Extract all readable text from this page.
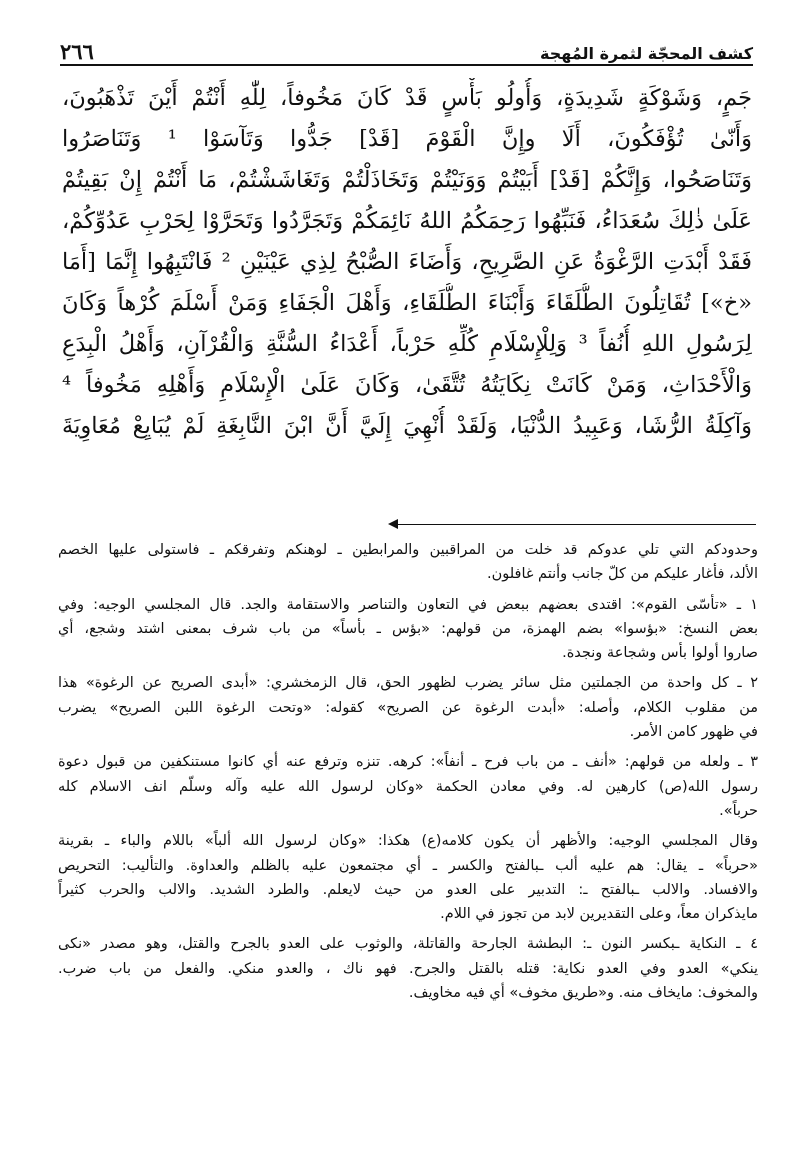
٢٦٦	كشف المحجّة لثمرة المُهجة
جَمٍ، وَشَوْكَةٍ شَدِيدَةٍ، وَأُولُو بَأْسٍ قَدْ كَانَ مَخُوفاً، لِلّٰهِ أَنْتُمْ أَيْنَ تَذْهَبُونَ،
وَأَنّىٰ تُؤْفَكُونَ، أَلَا وإِنَّ الْقَوْمَ [قَدْ] جَدُّوا وَتَآسَوْا ¹ وَتَنَاصَرُوا
وَتَنَاصَحُوا، وَإِنَّكُمْ [قَدْ] أَبَيْتُمْ وَوَنَيْتُمْ وَتَخَاذَلْتُمْ وَتَغَاشَشْتُمْ، مَا أَنْتُمْ إِنْ بَقِيتُمْ
عَلَىٰ ذٰلِكَ سُعَدَاءُ، فَنَبِّهُوا رَحِمَكُمُ اللهُ نَائِمَكُمْ وَتَجَرَّدُوا وَتَحَرَّوْا لِحَرْبِ عَدُوِّكُمْ،
فَقَدْ أَبْدَتِ الرَّغْوَةُ عَنِ الصَّرِيحِ، وَأَضَاءَ الصُّبْحُ لِذِي عَيْنَيْنِ ² فَانْتَبِهُوا إِنَّمَا [أَمَا
«خ»] تُقَاتِلُونَ الطُّلَقَاءَ وَأَبْنَاءَ الطُّلَقَاءِ، وَأَهْلَ الْجَفَاءِ وَمَنْ أَسْلَمَ كُرْهاً وَكَانَ
لِرَسُولِ اللهِ أُنُفاً ³ وَلِلْإِسْلَامِ كُلِّهِ حَرْباً، أَعْدَاءُ السُّنَّةِ وَالْقُرْآنِ، وَأَهْلُ الْبِدَعِ
وَالْأَحْدَاثِ، وَمَنْ كَانَتْ نِكَايَتُهُ تُتَّقَىٰ، وَكَانَ عَلَىٰ الْإِسْلَامِ وَأَهْلِهِ مَخُوفاً ⁴
وَآكِلَةُ الرُّشَا، وَعَبِيدُ الدُّنْيَا، وَلَقَدْ أُنْهِيَ إِلَيَّ أَنَّ ابْنَ النَّابِغَةِ لَمْ يُبَايِعْ مُعَاوِيَةَ
وحدودكم التي تلي عدوكم قد خلت من المراقبين والمرابطين ـ لوهنكم وتفرقكم ـ فاستولى عليها الخصم
الألد، فأغار عليكم من كلّ جانب وأنتم غافلون.
١ ـ «تأسّى القوم»: اقتدى بعضهم ببعض في التعاون والتناصر والاستقامة والجد. قال المجلسي الوجيه: وفي
بعض النسخ: «بؤسوا» بضم الهمزة، من قولهم: «بؤس ـ بأساً» من باب شرف بمعنى اشتد وشجع، أي
صاروا أولوا بأس وشجاعة ونجدة.
٢ ـ كل واحدة من الجملتين مثل سائر يضرب لظهور الحق، قال الزمخشري: «أبدى الصريح عن الرغوة» هذا
من مقلوب الكلام، وأصله: «أبدت الرغوة عن الصريح» كقوله: «وتحت الرغوة اللبن الصريح» يضرب
في ظهور كامن الأمر.
٣ ـ ولعله من قولهم: «أنف ـ من باب فرح ـ أنفاً»: كرهه. تنزه وترفع عنه أي كانوا مستنكفين من قبول دعوة
رسول الله(ص) كارهين له. وفي معادن الحكمة «وكان لرسول الله عليه وآله وسلّم انف الاسلام كله
حرباً».
وقال المجلسي الوجيه: والأظهر أن يكون كلامه(ع) هكذا: «وكان لرسول الله ألباً» باللام والباء ـ بقرينة
«حرباً» ـ يقال: هم عليه ألب ـبالفتح والكسر ـ أي مجتمعون عليه بالظلم والعداوة. والتأليب: التحريص
والافساد. والالب ـبالفتح ـ: التدبير على العدو من حيث لايعلم. والطرد الشديد. والالب والحرب كثيراً
مايذكران معاً، وعلى التقديرين لابد من تجوز في اللام.
٤ ـ النكاية ـبكسر النون ـ: البطشة الجارحة والقاتلة، والوثوب على العدو بالجرح والقتل، وهو مصدر «نكى
ينكي» العدو وفي العدو نكاية: قتله بالقتل والجرح. فهو ناك ، والعدو منكي. والفعل من باب ضرب.
والمخوف: مايخاف منه. و«طريق مخوف» أي فيه مخاويف.
